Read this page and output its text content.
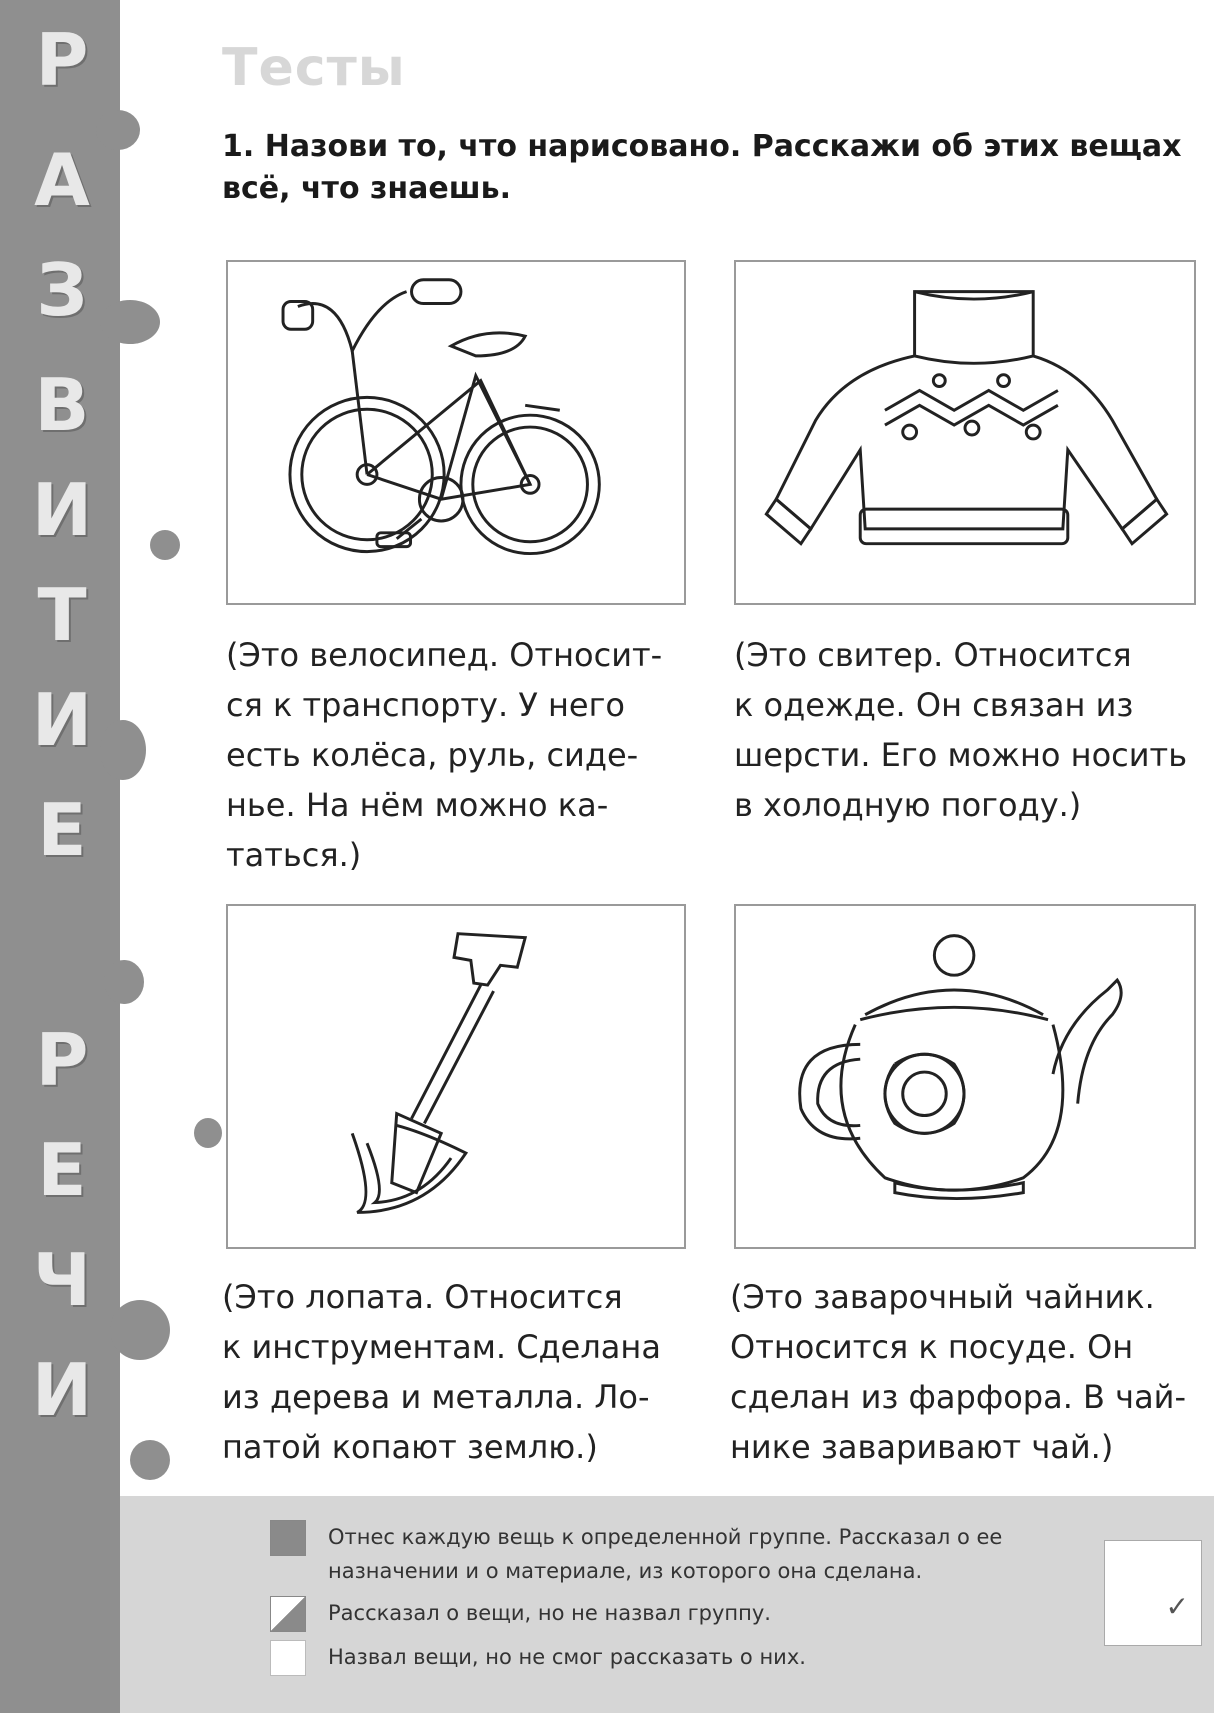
Р
А
З
В
И
Т
И
Е
Р
Е
Ч
И
Тесты
1. Назови то, что нарисовано. Расскажи об этих вещах всё, что знаешь.
(Это велосипед. Относит-
ся к транспорту. У него
есть колёса, руль, сиде-
нье. На нём можно ка-
таться.)
(Это свитер. Относится
к одежде. Он связан из
шерсти. Его можно носить
в холодную погоду.)
(Это лопата. Относится
к инструментам. Сделана
из дерева и металла. Ло-
патой копают землю.)
(Это заварочный чайник.
Относится к посуде. Он
сделан из фарфора. В чай-
нике заваривают чай.)
Отнес каждую вещь к определенной группе. Рассказал о ее назначении и о материале, из которого она сделана.
Рассказал о вещи, но не назвал группу.
Назвал вещи, но не смог рассказать о них.
✓
